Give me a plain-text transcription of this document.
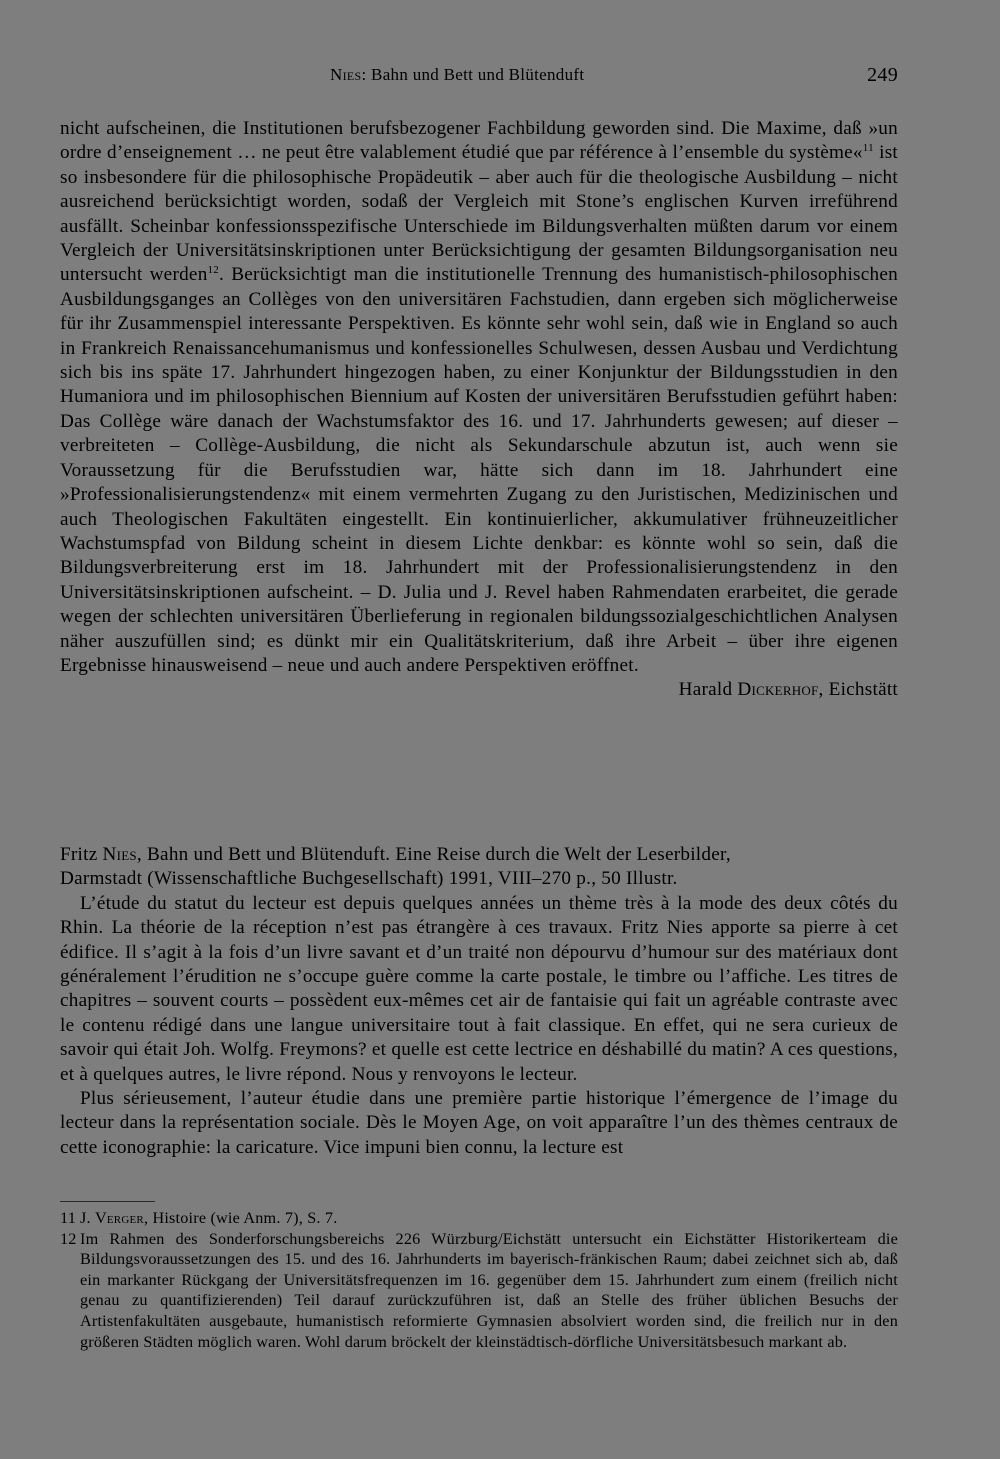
Nies: Bahn und Bett und Blütenduft	249

nicht aufscheinen, die Institutionen berufsbezogener Fachbildung geworden sind. Die Maxime, daß »un ordre d’enseignement … ne peut être valablement étudié que par référence à l’ensemble du système«$^{11}$ ist so insbesondere für die philosophische Propädeutik – aber auch für die theologische Ausbildung – nicht ausreichend berücksichtigt worden, sodaß der Vergleich mit Stone’s englischen Kurven irreführend ausfällt. Scheinbar konfessionsspezifische Unterschiede im Bildungsverhalten müßten darum vor einem Vergleich der Universitätsinskriptionen unter Berücksichtigung der gesamten Bildungsorganisation neu untersucht werden$^{12}$. Berücksichtigt man die institutionelle Trennung des humanistisch-philosophischen Ausbildungsganges an Collèges von den universitären Fachstudien, dann ergeben sich möglicherweise für ihr Zusammenspiel interessante Perspektiven. Es könnte sehr wohl sein, daß wie in England so auch in Frankreich Renaissancehumanismus und konfessionelles Schulwesen, dessen Ausbau und Verdichtung sich bis ins späte 17. Jahrhundert hingezogen haben, zu einer Konjunktur der Bildungsstudien in den Humaniora und im philosophischen Biennium auf Kosten der universitären Berufsstudien geführt haben: Das Collège wäre danach der Wachstumsfaktor des 16. und 17. Jahrhunderts gewesen; auf dieser – verbreiteten – Collège-Ausbildung, die nicht als Sekundarschule abzutun ist, auch wenn sie Voraussetzung für die Berufsstudien war, hätte sich dann im 18. Jahrhundert eine »Professionalisierungstendenz« mit einem vermehrten Zugang zu den Juristischen, Medizinischen und auch Theologischen Fakultäten eingestellt. Ein kontinuierlicher, akkumulativer frühneuzeitlicher Wachstumspfad von Bildung scheint in diesem Lichte denkbar: es könnte wohl so sein, daß die Bildungsverbreiterung erst im 18. Jahrhundert mit der Professionalisierungstendenz in den Universitätsinskriptionen aufscheint. – D. Julia und J. Revel haben Rahmendaten erarbeitet, die gerade wegen der schlechten universitären Überlieferung in regionalen bildungssozialgeschichtlichen Analysen näher auszufüllen sind; es dünkt mir ein Qualitätskriterium, daß ihre Arbeit – über ihre eigenen Ergebnisse hinausweisend – neue und auch andere Perspektiven eröffnet.

Harald Dickerhof, Eichstätt

Fritz Nies, Bahn und Bett und Blütenduft. Eine Reise durch die Welt der Leserbilder,

Darmstadt (Wissenschaftliche Buchgesellschaft) 1991, VIII–270 p., 50 Illustr.

L’étude du statut du lecteur est depuis quelques années un thème très à la mode des deux côtés du Rhin. La théorie de la réception n’est pas étrangère à ces travaux. Fritz Nies apporte sa pierre à cet édifice. Il s’agit à la fois d’un livre savant et d’un traité non dépourvu d’humour sur des matériaux dont généralement l’érudition ne s’occupe guère comme la carte postale, le timbre ou l’affiche. Les titres de chapitres – souvent courts – possèdent eux-mêmes cet air de fantaisie qui fait un agréable contraste avec le contenu rédigé dans une langue universitaire tout à fait classique. En effet, qui ne sera curieux de savoir qui était Joh. Wolfg. Freymons? et quelle est cette lectrice en déshabillé du matin? A ces questions, et à quelques autres, le livre répond. Nous y renvoyons le lecteur.

Plus sérieusement, l’auteur étudie dans une première partie historique l’émergence de l’image du lecteur dans la représentation sociale. Dès le Moyen Age, on voit apparaître l’un des thèmes centraux de cette iconographie: la caricature. Vice impuni bien connu, la lecture est

11 J. Verger, Histoire (wie Anm. 7), S. 7.

12 Im Rahmen des Sonderforschungsbereichs 226 Würzburg/Eichstätt untersucht ein Eichstätter Historikerteam die Bildungsvoraussetzungen des 15. und des 16. Jahrhunderts im bayerisch-fränkischen Raum; dabei zeichnet sich ab, daß ein markanter Rückgang der Universitätsfrequenzen im 16. gegenüber dem 15. Jahrhundert zum einem (freilich nicht genau zu quantifizierenden) Teil darauf zurückzuführen ist, daß an Stelle des früher üblichen Besuchs der Artistenfakultäten ausgebaute, humanistisch reformierte Gymnasien absolviert worden sind, die freilich nur in den größeren Städten möglich waren. Wohl darum bröckelt der kleinstädtisch-dörfliche Universitätsbesuch markant ab.
